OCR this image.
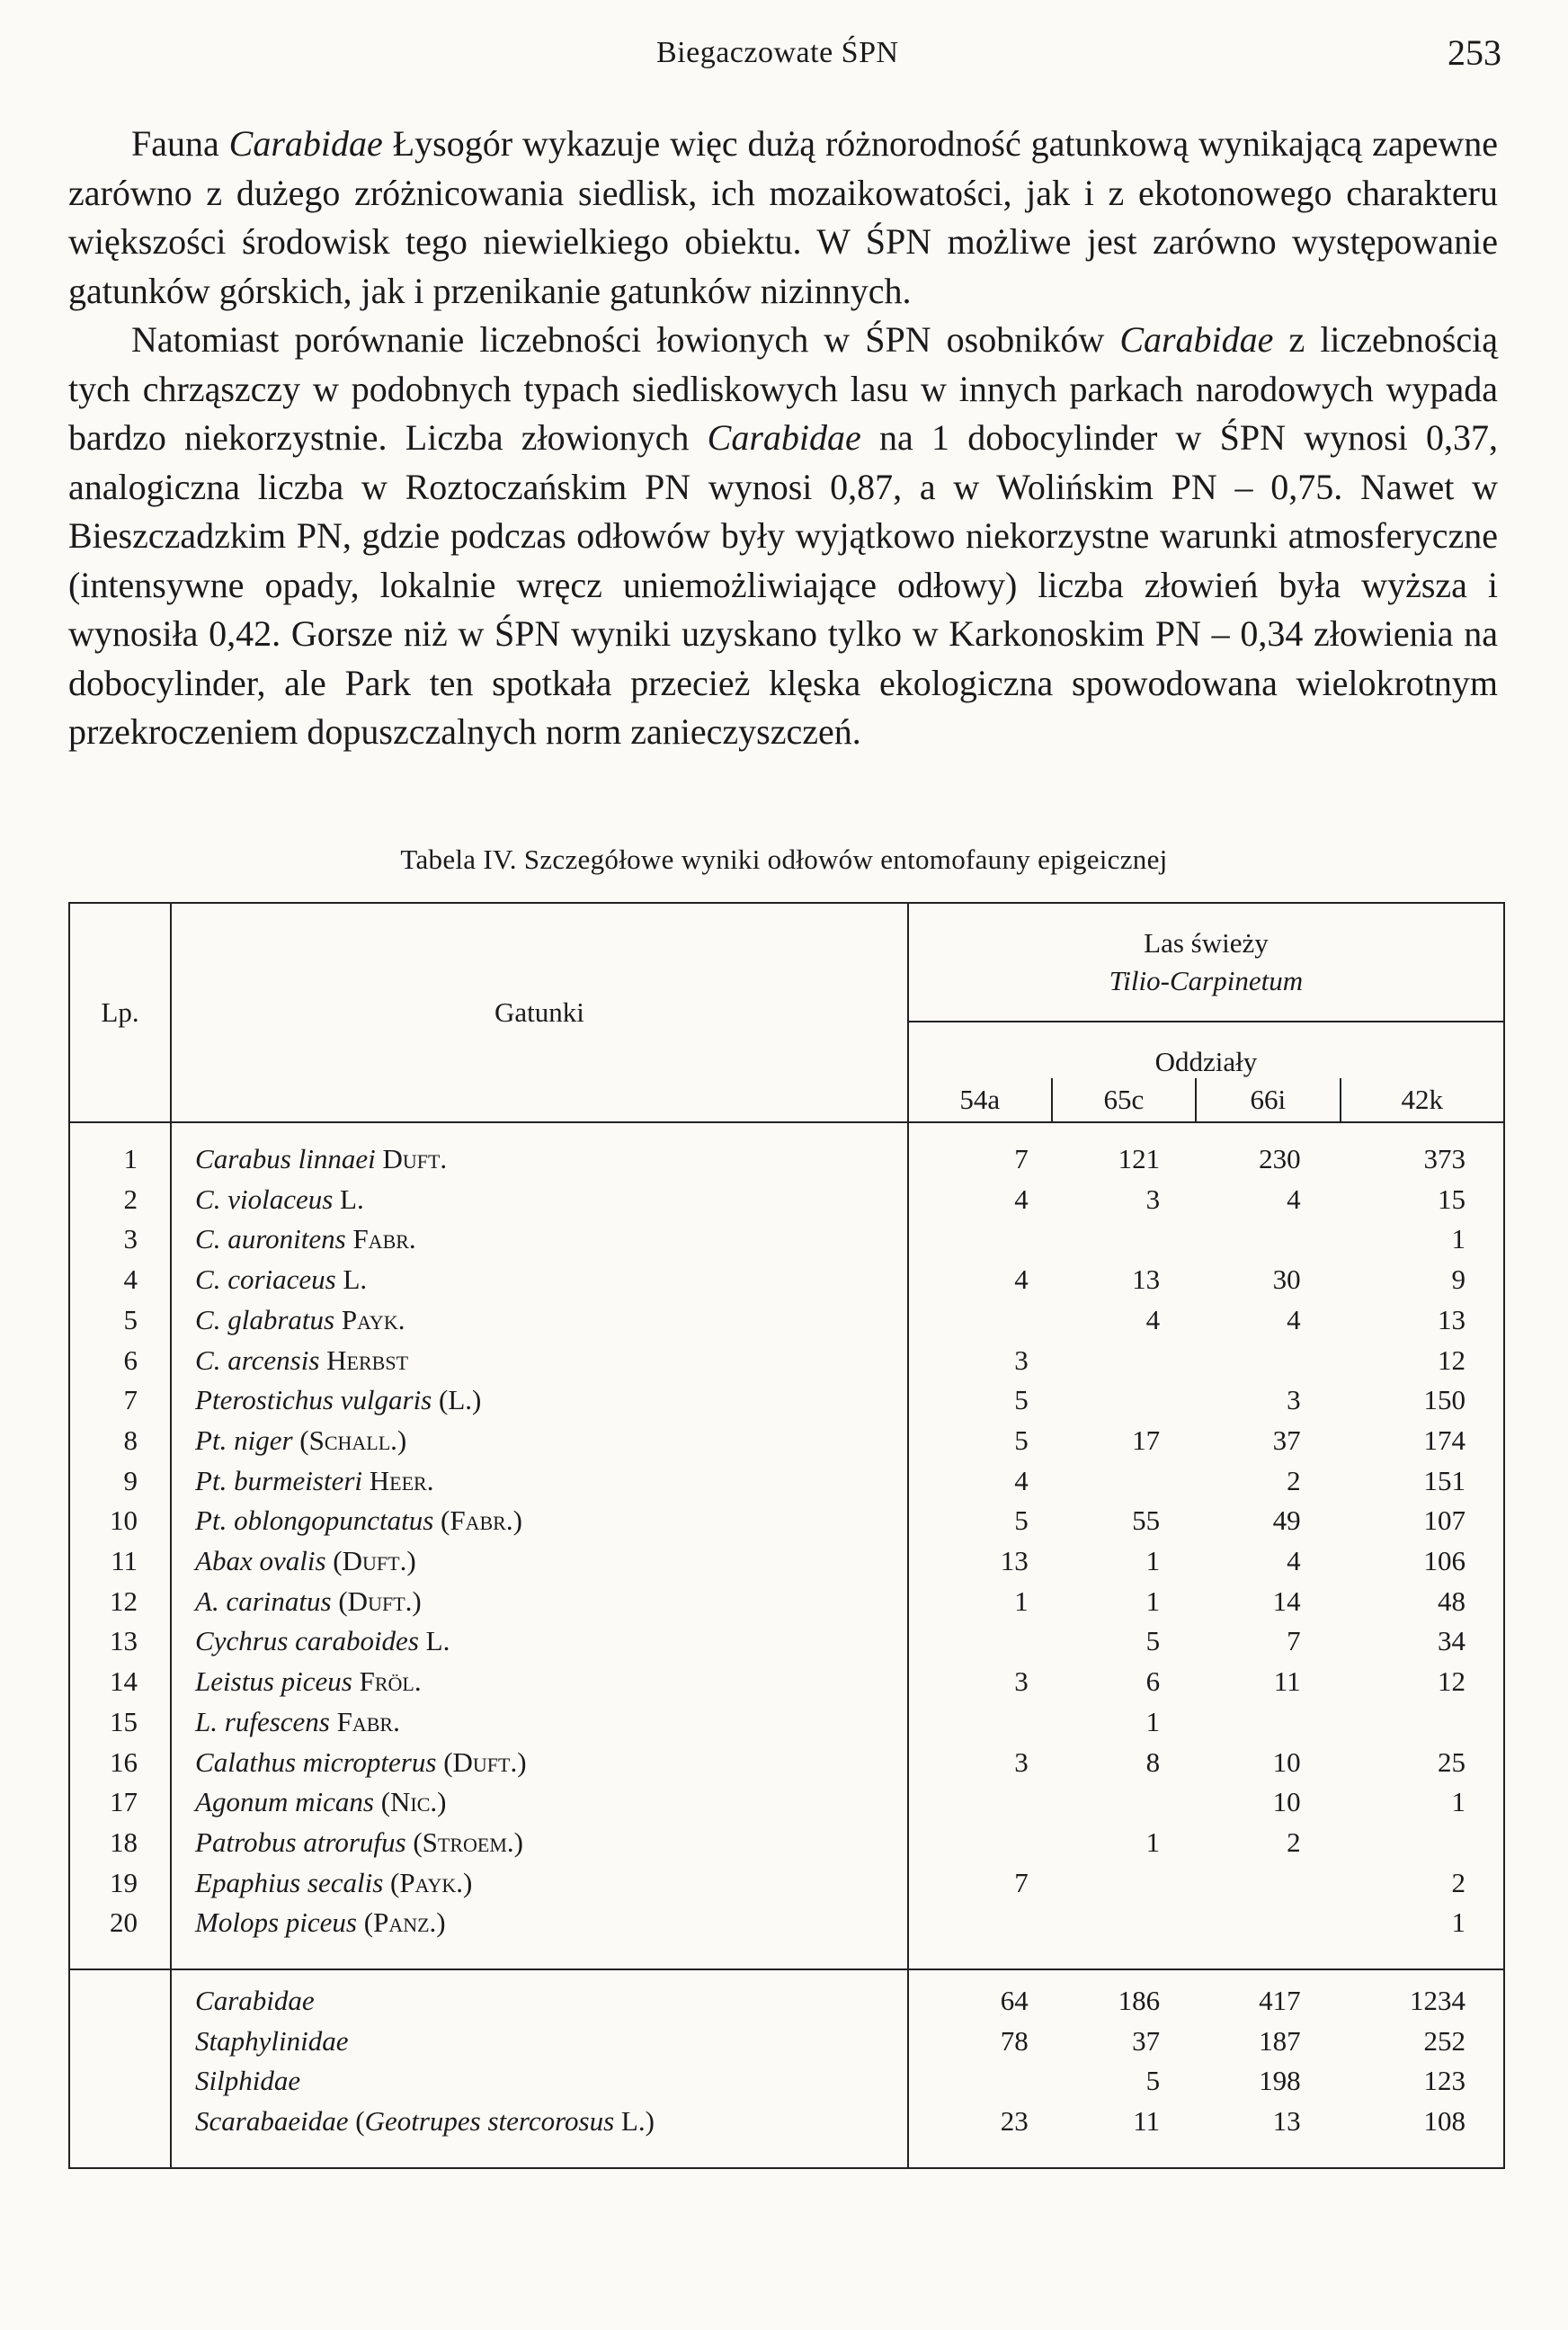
Biegaczowate ŚPN	253

Fauna Carabidae Łysogór wykazuje więc dużą różnorodność gatunkową wynikającą zapewne zarówno z dużego zróżnicowania siedlisk, ich mozaikowatości, jak i z ekotonowego charakteru większości środowisk tego niewielkiego obiektu. W ŚPN możliwe jest zarówno występowanie gatunków górskich, jak i przenikanie gatunków nizinnych.

Natomiast porównanie liczebności łowionych w ŚPN osobników Carabidae z liczebnością tych chrząszczy w podobnych typach siedliskowych lasu w innych parkach narodowych wypada bardzo niekorzystnie. Liczba złowionych Carabidae na 1 dobocylinder w ŚPN wynosi 0,37, analogiczna liczba w Roztoczańskim PN wynosi 0,87, a w Wolińskim PN – 0,75. Nawet w Bieszczadzkim PN, gdzie podczas odłowów były wyjątkowo niekorzystne warunki atmosferyczne (intensywne opady, lokalnie wręcz uniemożliwiające odłowy) liczba złowień była wyższa i wynosiła 0,42. Gorsze niż w ŚPN wyniki uzyskano tylko w Karkonoskim PN – 0,34 złowienia na dobocylinder, ale Park ten spotkała przecież klęska ekologiczna spowodowana wielokrotnym przekroczeniem dopuszczalnych norm zanieczyszczeń.

Tabela IV. Szczegółowe wyniki odłowów entomofauny epigeicznej
Lp.	Gatunki	Las świeży
Tilio-Carpinetum			

		Oddziały			
		54a	65c	66i	42k

1	Carabus linnaei Duft.	7	121	230	373
2	C. violaceus L.	4	3	4	15
3	C. auronitens Fabr.				1
4	C. coriaceus L.	4	13	30	9
5	C. glabratus Payk.		4	4	13
6	C. arcensis Herbst	3			12
7	Pterostichus vulgaris (L.)	5		3	150
8	Pt. niger (Schall.)	5	17	37	174
9	Pt. burmeisteri Heer.	4		2	151
10	Pt. oblongopunctatus (Fabr.)	5	55	49	107
11	Abax ovalis (Duft.)	13	1	4	106
12	A. carinatus (Duft.)	1	1	14	48
13	Cychrus caraboides L.		5	7	34
14	Leistus piceus Fröl.	3	6	11	12
15	L. rufescens Fabr.		1		
16	Calathus micropterus (Duft.)	3	8	10	25
17	Agonum micans (Nic.)			10	1
18	Patrobus atrorufus (Stroem.)		1	2	
19	Epaphius secalis (Payk.)	7			2
20	Molops piceus (Panz.)				1

	Carabidae	64	186	417	1234
	Staphylinidae	78	37	187	252
	Silphidae		5	198	123
	Scarabaeidae (Geotrupes stercorosus L.)	23	11	13	108
